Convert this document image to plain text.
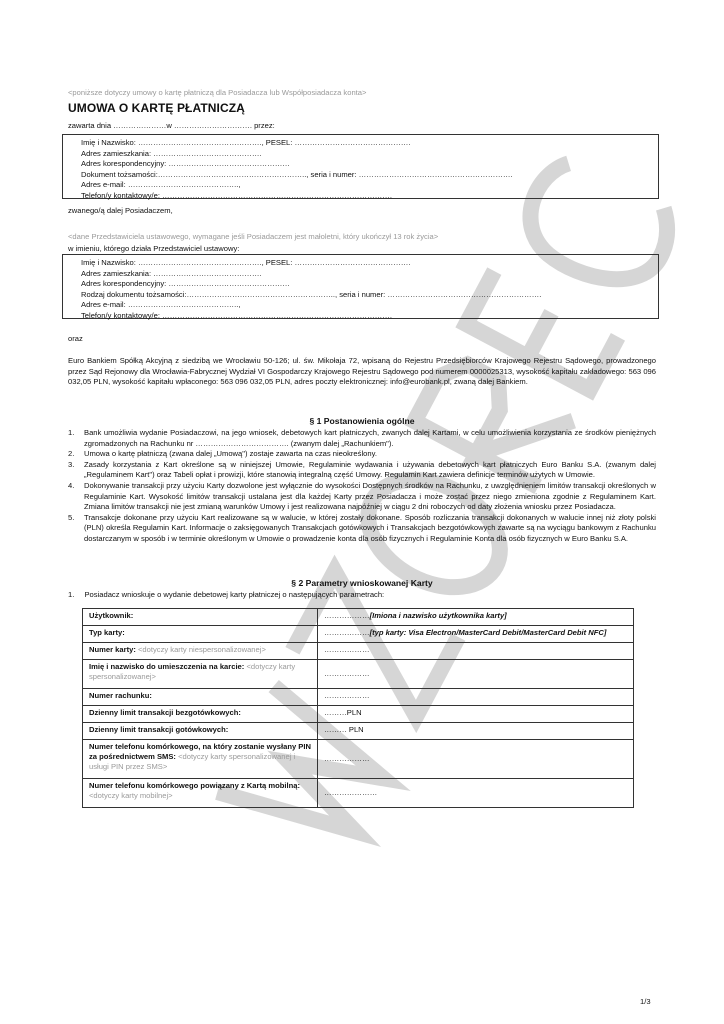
<poniższe dotyczy umowy o kartę płatniczą dla Posiadacza lub Współposiadacza konta>
UMOWA O KARTĘ PŁATNICZĄ
zawarta dnia …………………w …………………………. przez:
Imię i Nazwisko: …………………………………………., PESEL: ……………………………………….
Adres zamieszkania: …………………………………….
Adres korespondencyjny: …………………………………………
Dokument tożsamości:………………………………………………….., seria i numer: …………………………………………………….
Adres e-mail: ……………………………………..,
Telefon/y kontaktowy/e: ……………………………………………………………………………….
zwanego/ą dalej Posiadaczem,
<dane Przedstawiciela ustawowego, wymagane jeśli Posiadaczem jest małoletni, który ukończył 13 rok życia>
w imieniu, którego działa Przedstawiciel ustawowy:
Imię i Nazwisko: …………………………………………., PESEL: ……………………………………….
Adres zamieszkania: …………………………………….
Adres korespondencyjny: …………………………………………
Rodzaj dokumentu tożsamości:………………………………………………….., seria i numer: …………………………………………………….
Adres e-mail: ……………………………………..,
Telefon/y kontaktowy/e: ……………………………………………………………………………….
oraz
Euro Bankiem Spółką Akcyjną z siedzibą we Wrocławiu 50-126; ul. św. Mikołaja 72, wpisaną do Rejestru Przedsiębiorców Krajowego Rejestru Sądowego, prowadzonego przez Sąd Rejonowy dla Wrocławia-Fabrycznej Wydział VI Gospodarczy Krajowego Rejestru Sądowego pod numerem 0000025313, wysokość kapitału zakładowego: 563 096 032,05 PLN, wysokość kapitału wpłaconego: 563 096 032,05 PLN, adres poczty elektronicznej: info@eurobank.pl, zwaną dalej Bankiem.
§ 1 Postanowienia ogólne
1. Bank umożliwia wydanie Posiadaczowi, na jego wniosek, debetowych kart płatniczych, zwanych dalej Kartami, w celu umożliwienia korzystania ze środków pieniężnych zgromadzonych na Rachunku nr ………………………………. (zwanym dalej „Rachunkiem").
2. Umowa o kartę płatniczą (zwana dalej „Umową") zostaje zawarta na czas nieokreślony.
3. Zasady korzystania z Kart określone są w niniejszej Umowie, Regulaminie wydawania i używania debetowych kart płatniczych Euro Banku S.A. (zwanym dalej „Regulaminem Kart") oraz Tabeli opłat i prowizji, które stanowią integralną część Umowy. Regulamin Kart zawiera definicje terminów użytych w Umowie.
4. Dokonywanie transakcji przy użyciu Karty dozwolone jest wyłącznie do wysokości Dostępnych środków na Rachunku, z uwzględnieniem limitów transakcji określonych w Regulaminie Kart. Wysokość limitów transakcji ustalana jest dla każdej Karty przez Posiadacza i może zostać przez niego zmieniona zgodnie z Regulaminem Kart. Zmiana limitów transakcji nie jest zmianą warunków Umowy i jest realizowana najpóźniej w ciągu 2 dni roboczych od daty złożenia wniosku przez Posiadacza.
5. Transakcje dokonane przy użyciu Kart realizowane są w walucie, w której zostały dokonane. Sposób rozliczania transakcji dokonanych w walucie innej niż złoty polski (PLN) określa Regulamin Kart. Informacje o zaksięgowanych Transakcjach gotówkowych i Transakcjach bezgotówkowych zawarte są na wyciągu bankowym z Rachunku dostarczanym w sposób i w terminie określonym w Umowie o prowadzenie konta dla osób fizycznych i Regulaminie Konta dla osób fizycznych w Euro Banku S.A.
§ 2 Parametry wnioskowanej Karty
1. Posiadacz wnioskuje o wydanie debetowej karty płatniczej o następujących parametrach:
Użytkownik:	………………[Imiona i nazwisko użytkownika karty]
Typ karty:	………………[typ karty: Visa Electron/MasterCard Debit/MasterCard Debit NFC]
Numer karty: <dotyczy karty niespersonalizowanej>	………………
Imię i nazwisko do umieszczenia na karcie: <dotyczy karty spersonalizowanej>	………………
Numer rachunku:	………………
Dzienny limit transakcji bezgotówkowych:	………PLN
Dzienny limit transakcji gotówkowych:	……… PLN
Numer telefonu komórkowego, na który zostanie wysłany PIN za pośrednictwem SMS: <dotyczy karty spersonalizowanej i usługi PIN przez SMS>	………………
Numer telefonu komórkowego powiązany z Kartą mobilną: <dotyczy karty mobilnej>	…………………
1/3
